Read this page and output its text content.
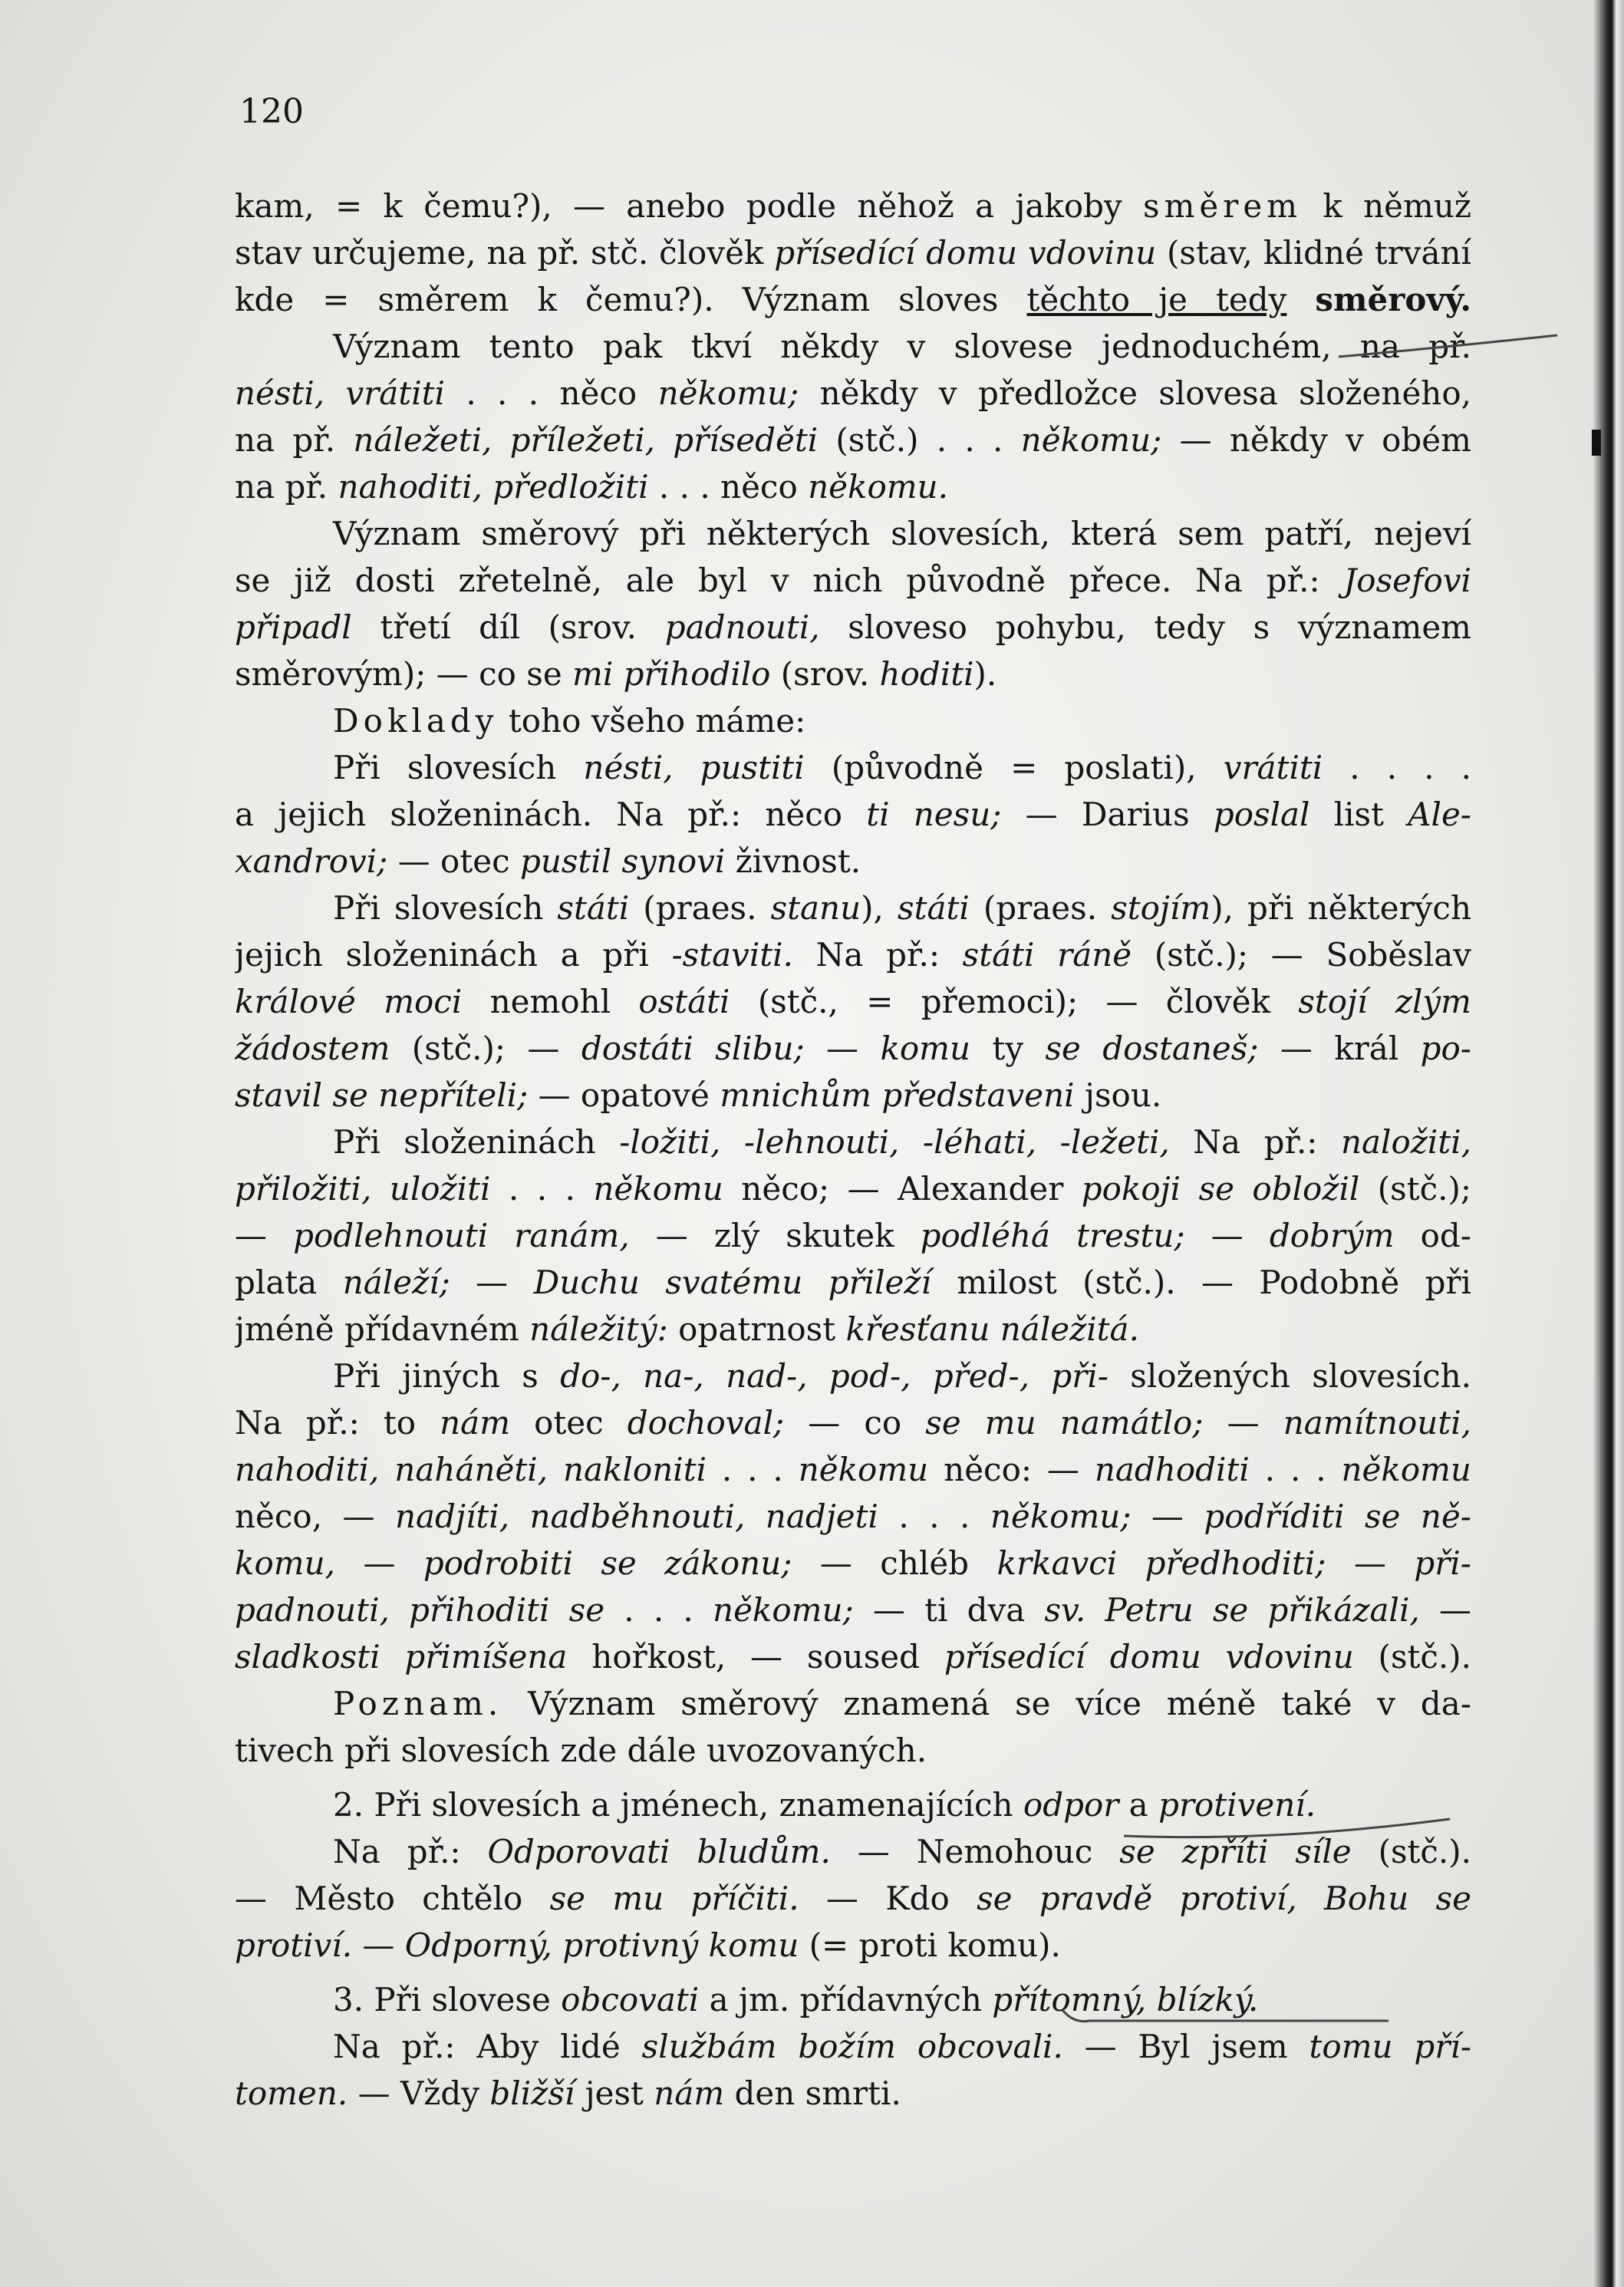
120
kam, = k čemu?), — anebo podle něhož a jakoby směrem k němuž
stav určujeme, na př. stč. člověk přísedící domu vdovinu (stav, klidné trvání
kde = směrem k čemu?). Význam sloves těchto je tedy směrový.
Význam tento pak tkví někdy v slovese jednoduchém, na př.
nésti, vrátiti . . . něco někomu; někdy v předložce slovesa složeného,
na př. náležeti, příležeti, příseděti (stč.) . . . někomu; — někdy v obém
na př. nahoditi, předložiti . . . něco někomu.
Význam směrový při některých slovesích, která sem patří, nejeví
se již dosti zřetelně, ale byl v nich původně přece. Na př.: Josefovi
připadl třetí díl (srov. padnouti, sloveso pohybu, tedy s významem
směrovým); — co se mi přihodilo (srov. hoditi).
Doklady toho všeho máme:
Při slovesích nésti, pustiti (původně = poslati), vrátiti . . . .
a jejich složeninách. Na př.: něco ti nesu; — Darius poslal list Ale-
xandrovi; — otec pustil synovi živnost.
Při slovesích státi (praes. stanu), státi (praes. stojím), při některých
jejich složeninách a při -staviti. Na př.: státi ráně (stč.); — Soběslav
králové moci nemohl ostáti (stč., = přemoci); — člověk stojí zlým
žádostem (stč.); — dostáti slibu; — komu ty se dostaneš; — král po-
stavil se nepříteli; — opatové mnichům představeni jsou.
Při složeninách -ložiti, -lehnouti, -léhati, -ležeti, Na př.: naložiti,
přiložiti, uložiti . . . někomu něco; — Alexander pokoji se obložil (stč.);
— podlehnouti ranám, — zlý skutek podléhá trestu; — dobrým od-
plata náleží; — Duchu svatému přileží milost (stč.). — Podobně při
jméně přídavném náležitý: opatrnost křesťanu náležitá.
Při jiných s do-, na-, nad-, pod-, před-, při- složených slovesích.
Na př.: to nám otec dochoval; — co se mu namátlo; — namítnouti,
nahoditi, naháněti, nakloniti . . . někomu něco: — nadhoditi . . . někomu
něco, — nadjíti, nadběhnouti, nadjeti . . . někomu; — podříditi se ně-
komu, — podrobiti se zákonu; — chléb krkavci předhoditi; — při-
padnouti, přihoditi se . . . někomu; — ti dva sv. Petru se přikázali, —
sladkosti přimíšena hořkost, — soused přísedící domu vdovinu (stč.).
Poznam. Význam směrový znamená se více méně také v da-
tivech při slovesích zde dále uvozovaných.
2. Při slovesích a jménech, znamenajících odpor a protivení.
Na př.: Odporovati bludům. — Nemohouc se zpříti síle (stč.).
— Město chtělo se mu příčiti. — Kdo se pravdě protiví, Bohu se
protiví. — Odporný, protivný komu (= proti komu).
3. Při slovese obcovati a jm. přídavných přítomný, blízký.
Na př.: Aby lidé službám božím obcovali. — Byl jsem tomu pří-
tomen. — Vždy bližší jest nám den smrti.
